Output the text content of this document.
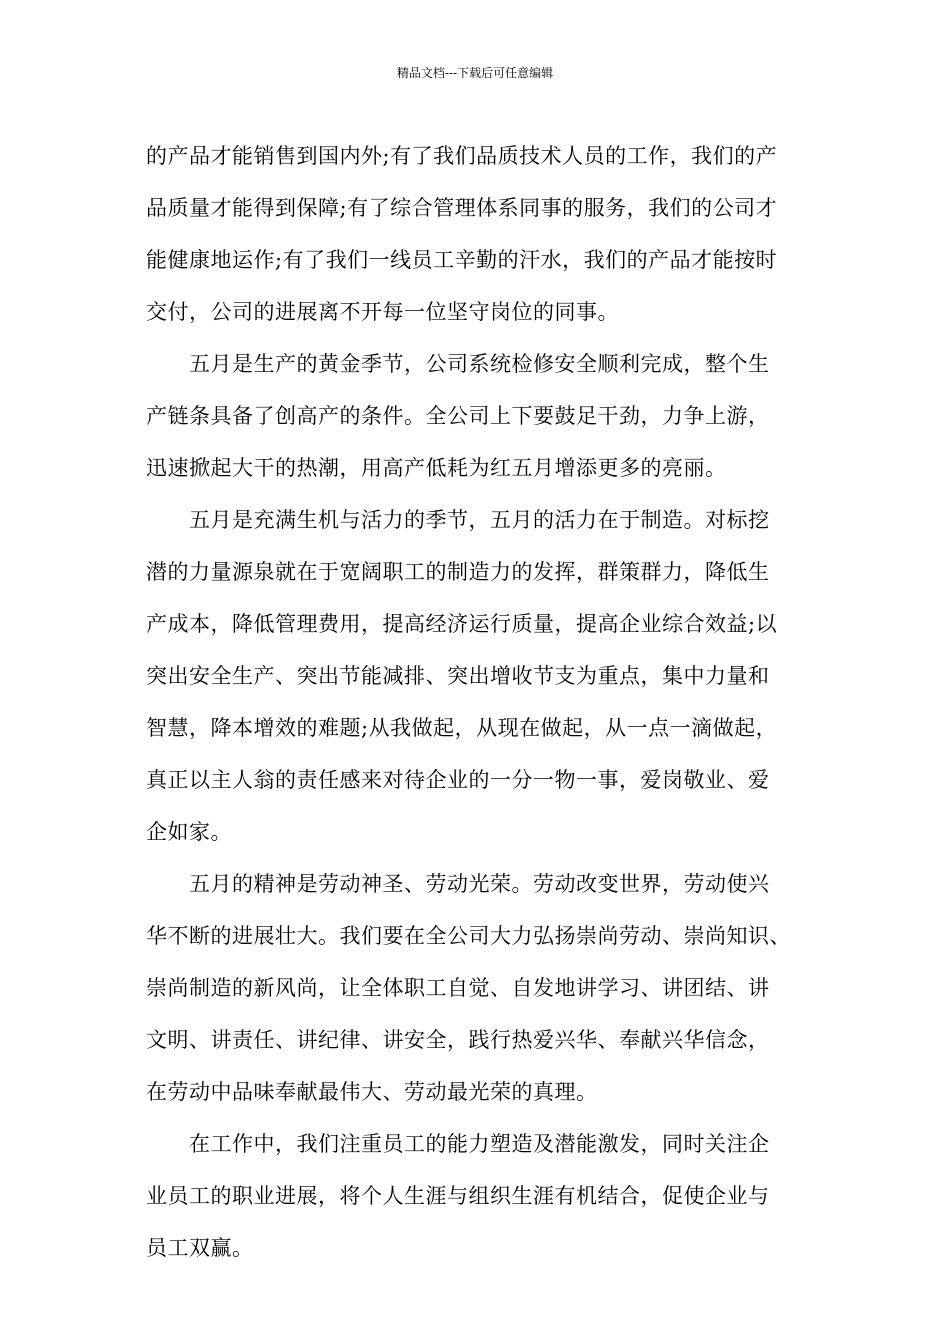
精品文档---下载后可任意编辑
的产品才能销售到国内外;有了我们品质技术人员的工作，我们的产
品质量才能得到保障;有了综合管理体系同事的服务，我们的公司才
能健康地运作;有了我们一线员工辛勤的汗水，我们的产品才能按时
交付，公司的进展离不开每一位坚守岗位的同事。
　　五月是生产的黄金季节，公司系统检修安全顺利完成，整个生
产链条具备了创高产的条件。全公司上下要鼓足干劲，力争上游，
迅速掀起大干的热潮，用高产低耗为红五月增添更多的亮丽。
　　五月是充满生机与活力的季节，五月的活力在于制造。对标挖
潜的力量源泉就在于宽阔职工的制造力的发挥，群策群力，降低生
产成本，降低管理费用，提高经济运行质量，提高企业综合效益;以
突出安全生产、突出节能减排、突出增收节支为重点，集中力量和
智慧，降本增效的难题;从我做起，从现在做起，从一点一滴做起，
真正以主人翁的责任感来对待企业的一分一物一事，爱岗敬业、爱
企如家。
　　五月的精神是劳动神圣、劳动光荣。劳动改变世界，劳动使兴
华不断的进展壮大。我们要在全公司大力弘扬崇尚劳动、崇尚知识、
崇尚制造的新风尚，让全体职工自觉、自发地讲学习、讲团结、讲
文明、讲责任、讲纪律、讲安全，践行热爱兴华、奉献兴华信念，
在劳动中品味奉献最伟大、劳动最光荣的真理。
　　在工作中，我们注重员工的能力塑造及潜能激发，同时关注企
业员工的职业进展，将个人生涯与组织生涯有机结合，促使企业与
员工双赢。
